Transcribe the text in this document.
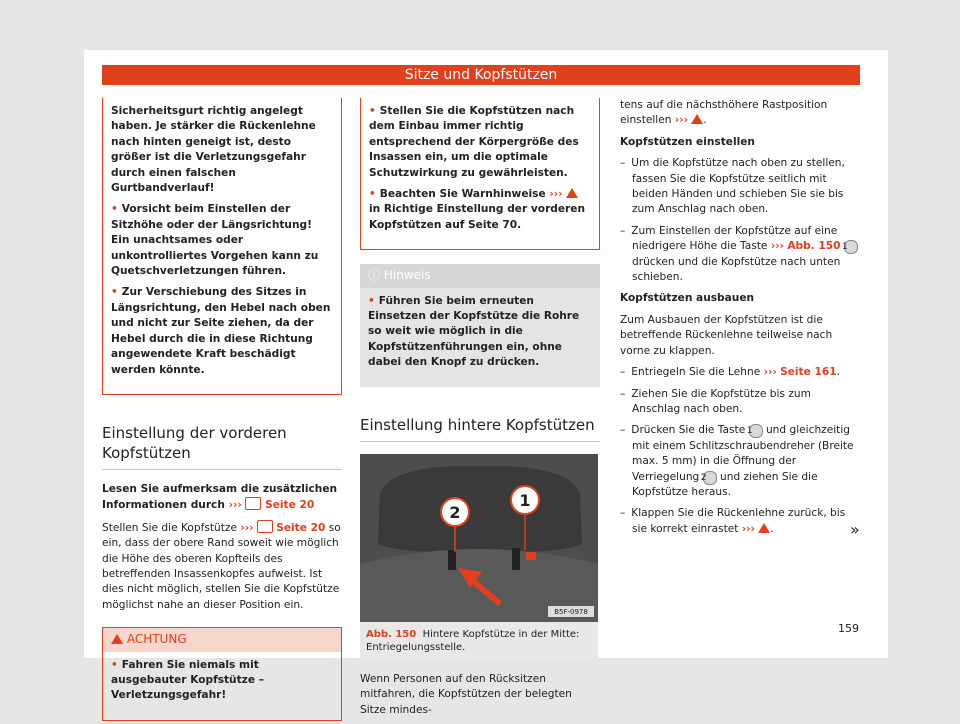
Sitze und Kopfstützen

Sicherheitsgurt richtig angelegt haben. Je stärker die Rückenlehne nach hinten geneigt ist, desto größer ist die Verletzungsgefahr durch einen falschen Gurtbandverlauf!

• Vorsicht beim Einstellen der Sitzhöhe oder der Längsrichtung! Ein unachtsames oder unkontrolliertes Vorgehen kann zu Quetschverletzungen führen.

• Zur Verschiebung des Sitzes in Längsrichtung, den Hebel nach oben und nicht zur Seite ziehen, da der Hebel durch die in diese Richtung angewendete Kraft beschädigt werden könnte.

Einstellung der vorderen Kopfstützen

Lesen Sie aufmerksam die zusätzlichen Informationen durch ››› Seite 20

Stellen Sie die Kopfstütze ››› Seite 20 so ein, dass der obere Rand soweit wie möglich die Höhe des oberen Kopfteils des betreffenden Insassenkopfes aufweist. Ist dies nicht möglich, stellen Sie die Kopfstütze möglichst nahe an dieser Position ein.

ACHTUNG

• Fahren Sie niemals mit ausgebauter Kopfstütze – Verletzungsgefahr!

• Stellen Sie die Kopfstützen nach dem Einbau immer richtig entsprechend der Körpergröße des Insassen ein, um die optimale Schutzwirkung zu gewährleisten.

• Beachten Sie Warnhinweise ›››  in Richtige Einstellung der vorderen Kopfstützen auf Seite 70.

ⓘ Hinweis

• Führen Sie beim erneuten Einsetzen der Kopfstütze die Rohre so weit wie möglich in die Kopfstützenführungen ein, ohne dabei den Knopf zu drücken.

Einstellung hintere Kopfstützen
2
1
B5F-0978
Abb. 150 Hintere Kopfstütze in der Mitte: Entriegelungsstelle.

Wenn Personen auf den Rücksitzen mitfahren, die Kopfstützen der belegten Sitze mindes-

tens auf die nächsthöhere Rastposition einstellen ››› .

Kopfstützen einstellen

– Um die Kopfstütze nach oben zu stellen, fassen Sie die Kopfstütze seitlich mit beiden Händen und schieben Sie sie bis zum Anschlag nach oben.

– Zum Einstellen der Kopfstütze auf eine niedrigere Höhe die Taste ››› Abb. 150 1 drücken und die Kopfstütze nach unten schieben.

Kopfstützen ausbauen

Zum Ausbauen der Kopfstützen ist die betreffende Rückenlehne teilweise nach vorne zu klappen.

– Entriegeln Sie die Lehne ››› Seite 161.

– Ziehen Sie die Kopfstütze bis zum Anschlag nach oben.

– Drücken Sie die Taste 1 und gleichzeitig mit einem Schlitzschraubendreher (Breite max. 5 mm) in die Öffnung der Verriegelung 2 und ziehen Sie die Kopfstütze heraus.

– Klappen Sie die Rückenlehne zurück, bis sie korrekt einrastet ››› .	»
159
